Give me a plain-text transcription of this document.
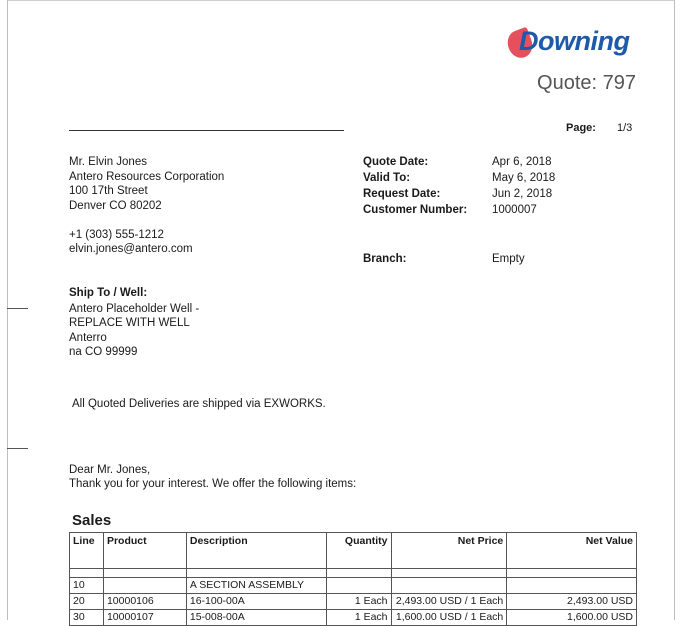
Downing
Quote: 797
Page: 1/3
Mr. Elvin Jones
Antero Resources Corporation
100 17th Street
Denver CO 80202
+1 (303) 555-1212
elvin.jones@antero.com
Quote Date:	Apr 6, 2018
Valid To:	May 6, 2018
Request Date:	Jun 2, 2018
Customer Number: 1000007
Branch:	Empty
Ship To / Well:
Antero Placeholder Well -
REPLACE WITH WELL
Anterro
na CO 99999
All Quoted Deliveries are shipped via EXWORKS.
Dear Mr. Jones,
Thank you for your interest. We offer the following items:
Sales
Line	Product	Description	Quantity	Net Price	Net Value

10		A SECTION ASSEMBLY			
20	10000106	16-100-00A	1 Each	2,493.00 USD / 1 Each	2,493.00 USD
30	10000107	15-008-00A	1 Each	1,600.00 USD / 1 Each	1,600.00 USD
